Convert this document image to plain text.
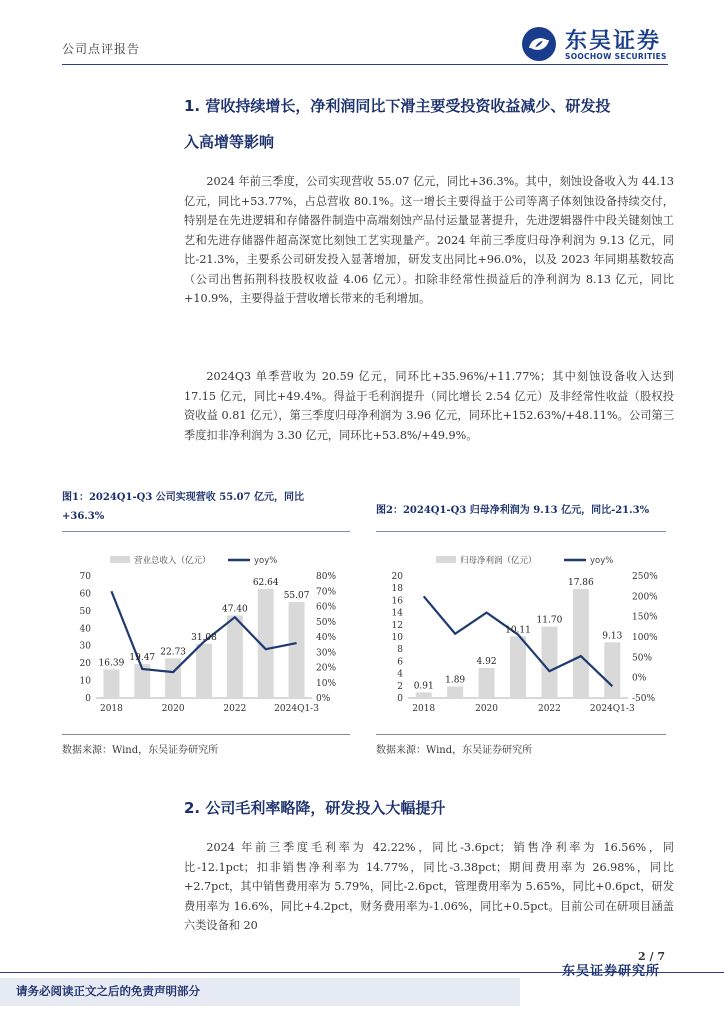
公司点评报告	东吴证券
SOOCHOW SECURITIES
1. 营收持续增长，净利润同比下滑主要受投资收益减少、研发投
入高增等影响
2024 年前三季度，公司实现营收 55.07 亿元，同比+36.3%。其中，刻蚀设备收入为 44.13 亿元，同比+53.77%，占总营收 80.1%。这一增长主要得益于公司等离子体刻蚀设备持续交付，特别是在先进逻辑和存储器件制造中高端刻蚀产品付运量显著提升，先进逻辑器件中段关键刻蚀工艺和先进存储器件超高深宽比刻蚀工艺实现量产。2024 年前三季度归母净利润为 9.13 亿元，同比-21.3%，主要系公司研发投入显著增加，研发支出同比+96.0%，以及 2023 年同期基数较高（公司出售拓荆科技股权收益 4.06 亿元）。扣除非经常性损益后的净利润为 8.13 亿元，同比+10.9%，主要得益于营收增长带来的毛利增加。
2024Q3 单季营收为 20.59 亿元，同环比+35.96%/+11.77%；其中刻蚀设备收入达到 17.15 亿元，同比+49.4%。得益于毛利润提升（同比增长 2.54 亿元）及非经常性收益（股权投资收益 0.81 亿元），第三季度归母净利润为 3.96 亿元，同环比+152.63%/+48.11%。公司第三季度扣非净利润为 3.30 亿元，同环比+53.8%/+49.9%。
图1：2024Q1-Q3 公司实现营收 55.07 亿元，同比
+36.3%
营业总收入（亿元）	yoy%
0
10
20
30
40
50
60
70
0%
10%
20%
30%
40%
50%
60%
70%
80%
16.39
19.47
22.73
31.08
47.40
62.64
55.07
2018	2020	2022	2024Q1-3
数据来源：Wind，东吴证券研究所
图2：2024Q1-Q3 归母净利润为 9.13 亿元，同比-21.3%
归母净利润（亿元）	yoy%
0
2
4
6
8
10
12
14
16
18
20
-50%
0%
50%
100%
150%
200%
250%
0.91
1.89
4.92
10.11
11.70
17.86
9.13
2018	2020	2022	2024Q1-3
数据来源：Wind，东吴证券研究所
2. 公司毛利率略降，研发投入大幅提升
2024 年前三季度毛利率为 42.22%，同比-3.6pct；销售净利率为 16.56%，同比-12.1pct；扣非销售净利率为 14.77%，同比-3.38pct；期间费用率为 26.98%，同比+2.7pct，其中销售费用率为 5.79%，同比-2.6pct，管理费用率为 5.65%，同比+0.6pct，研发费用率为 16.6%，同比+4.2pct，财务费用率为-1.06%，同比+0.5pct。目前公司在研项目涵盖六类设备和 20
2 / 7
东吴证券研究所
请务必阅读正文之后的免责声明部分
